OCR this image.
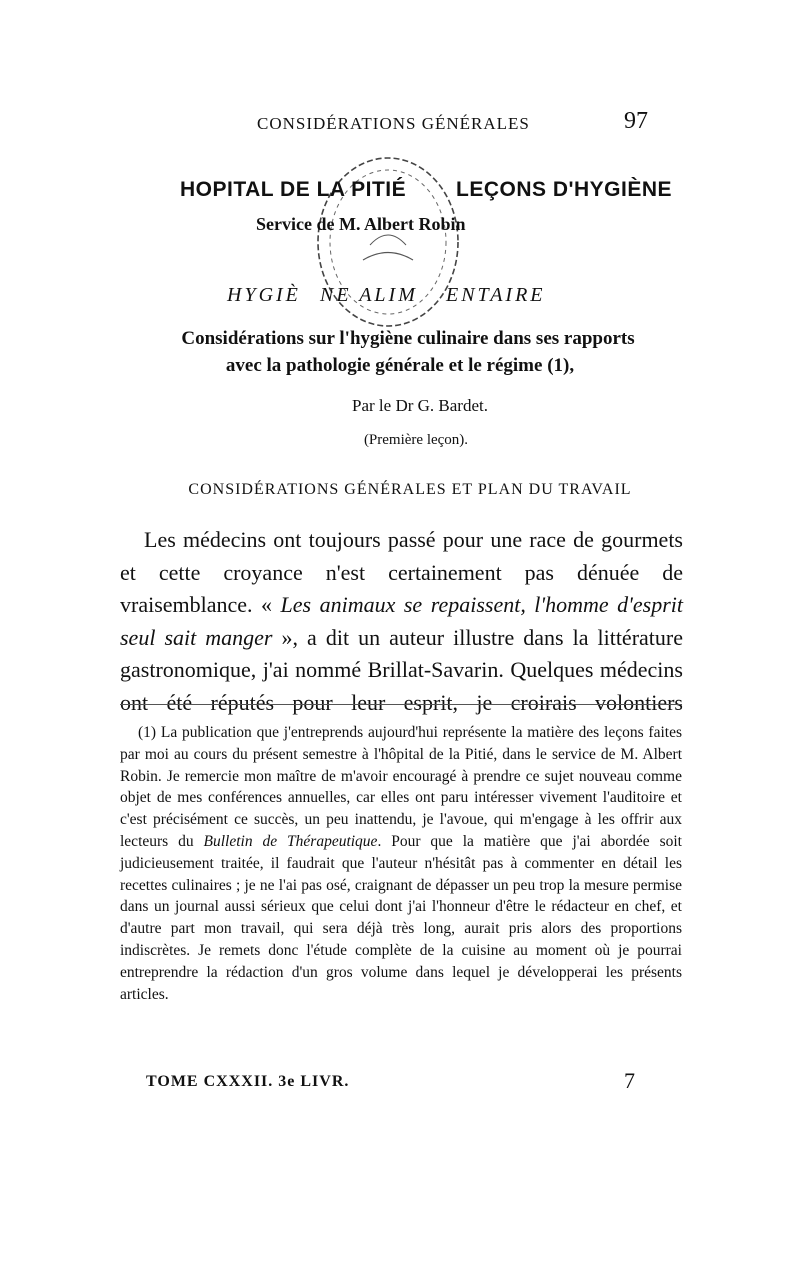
CONSIDÉRATIONS GÉNÉRALES	97
HOPITAL DE LA PITIÉ LEÇONS D'HYGIÈNE
Service de M. Albert Robin
HYGIÈ NE ALIM ENTAIRE
Considérations sur l'hygiène culinaire dans ses rapports
avec la pathologie générale et le régime (1),
Par le Dr G. Bardet.
(Première leçon).
CONSIDÉRATIONS GÉNÉRALES ET PLAN DU TRAVAIL

Les médecins ont toujours passé pour une race de gourmets et cette croyance n'est certainement pas dénuée de vraisemblance. « Les animaux se repaissent, l'homme d'esprit seul sait manger », a dit un auteur illustre dans la littérature gastronomique, j'ai nommé Brillat-Savarin. Quelques médecins ont été réputés pour leur esprit, je croirais volontiers

(1) La publication que j'entreprends aujourd'hui représente la matière des leçons faites par moi au cours du présent semestre à l'hôpital de la Pitié, dans le service de M. Albert Robin. Je remercie mon maître de m'avoir encouragé à prendre ce sujet nouveau comme objet de mes conférences annuelles, car elles ont paru intéresser vivement l'auditoire et c'est précisément ce succès, un peu inattendu, je l'avoue, qui m'engage à les offrir aux lecteurs du Bulletin de Thérapeutique. Pour que la matière que j'ai abordée soit judicieusement traitée, il faudrait que l'auteur n'hésitât pas à commenter en détail les recettes culinaires ; je ne l'ai pas osé, craignant de dépasser un peu trop la mesure permise dans un journal aussi sérieux que celui dont j'ai l'honneur d'être le rédacteur en chef, et d'autre part mon travail, qui sera déjà très long, aurait pris alors des proportions indiscrètes. Je remets donc l'étude complète de la cuisine au moment où je pourrai entreprendre la rédaction d'un gros volume dans lequel je développerai les présents articles.

TOME CXXXII. 3e LIVR.	7
